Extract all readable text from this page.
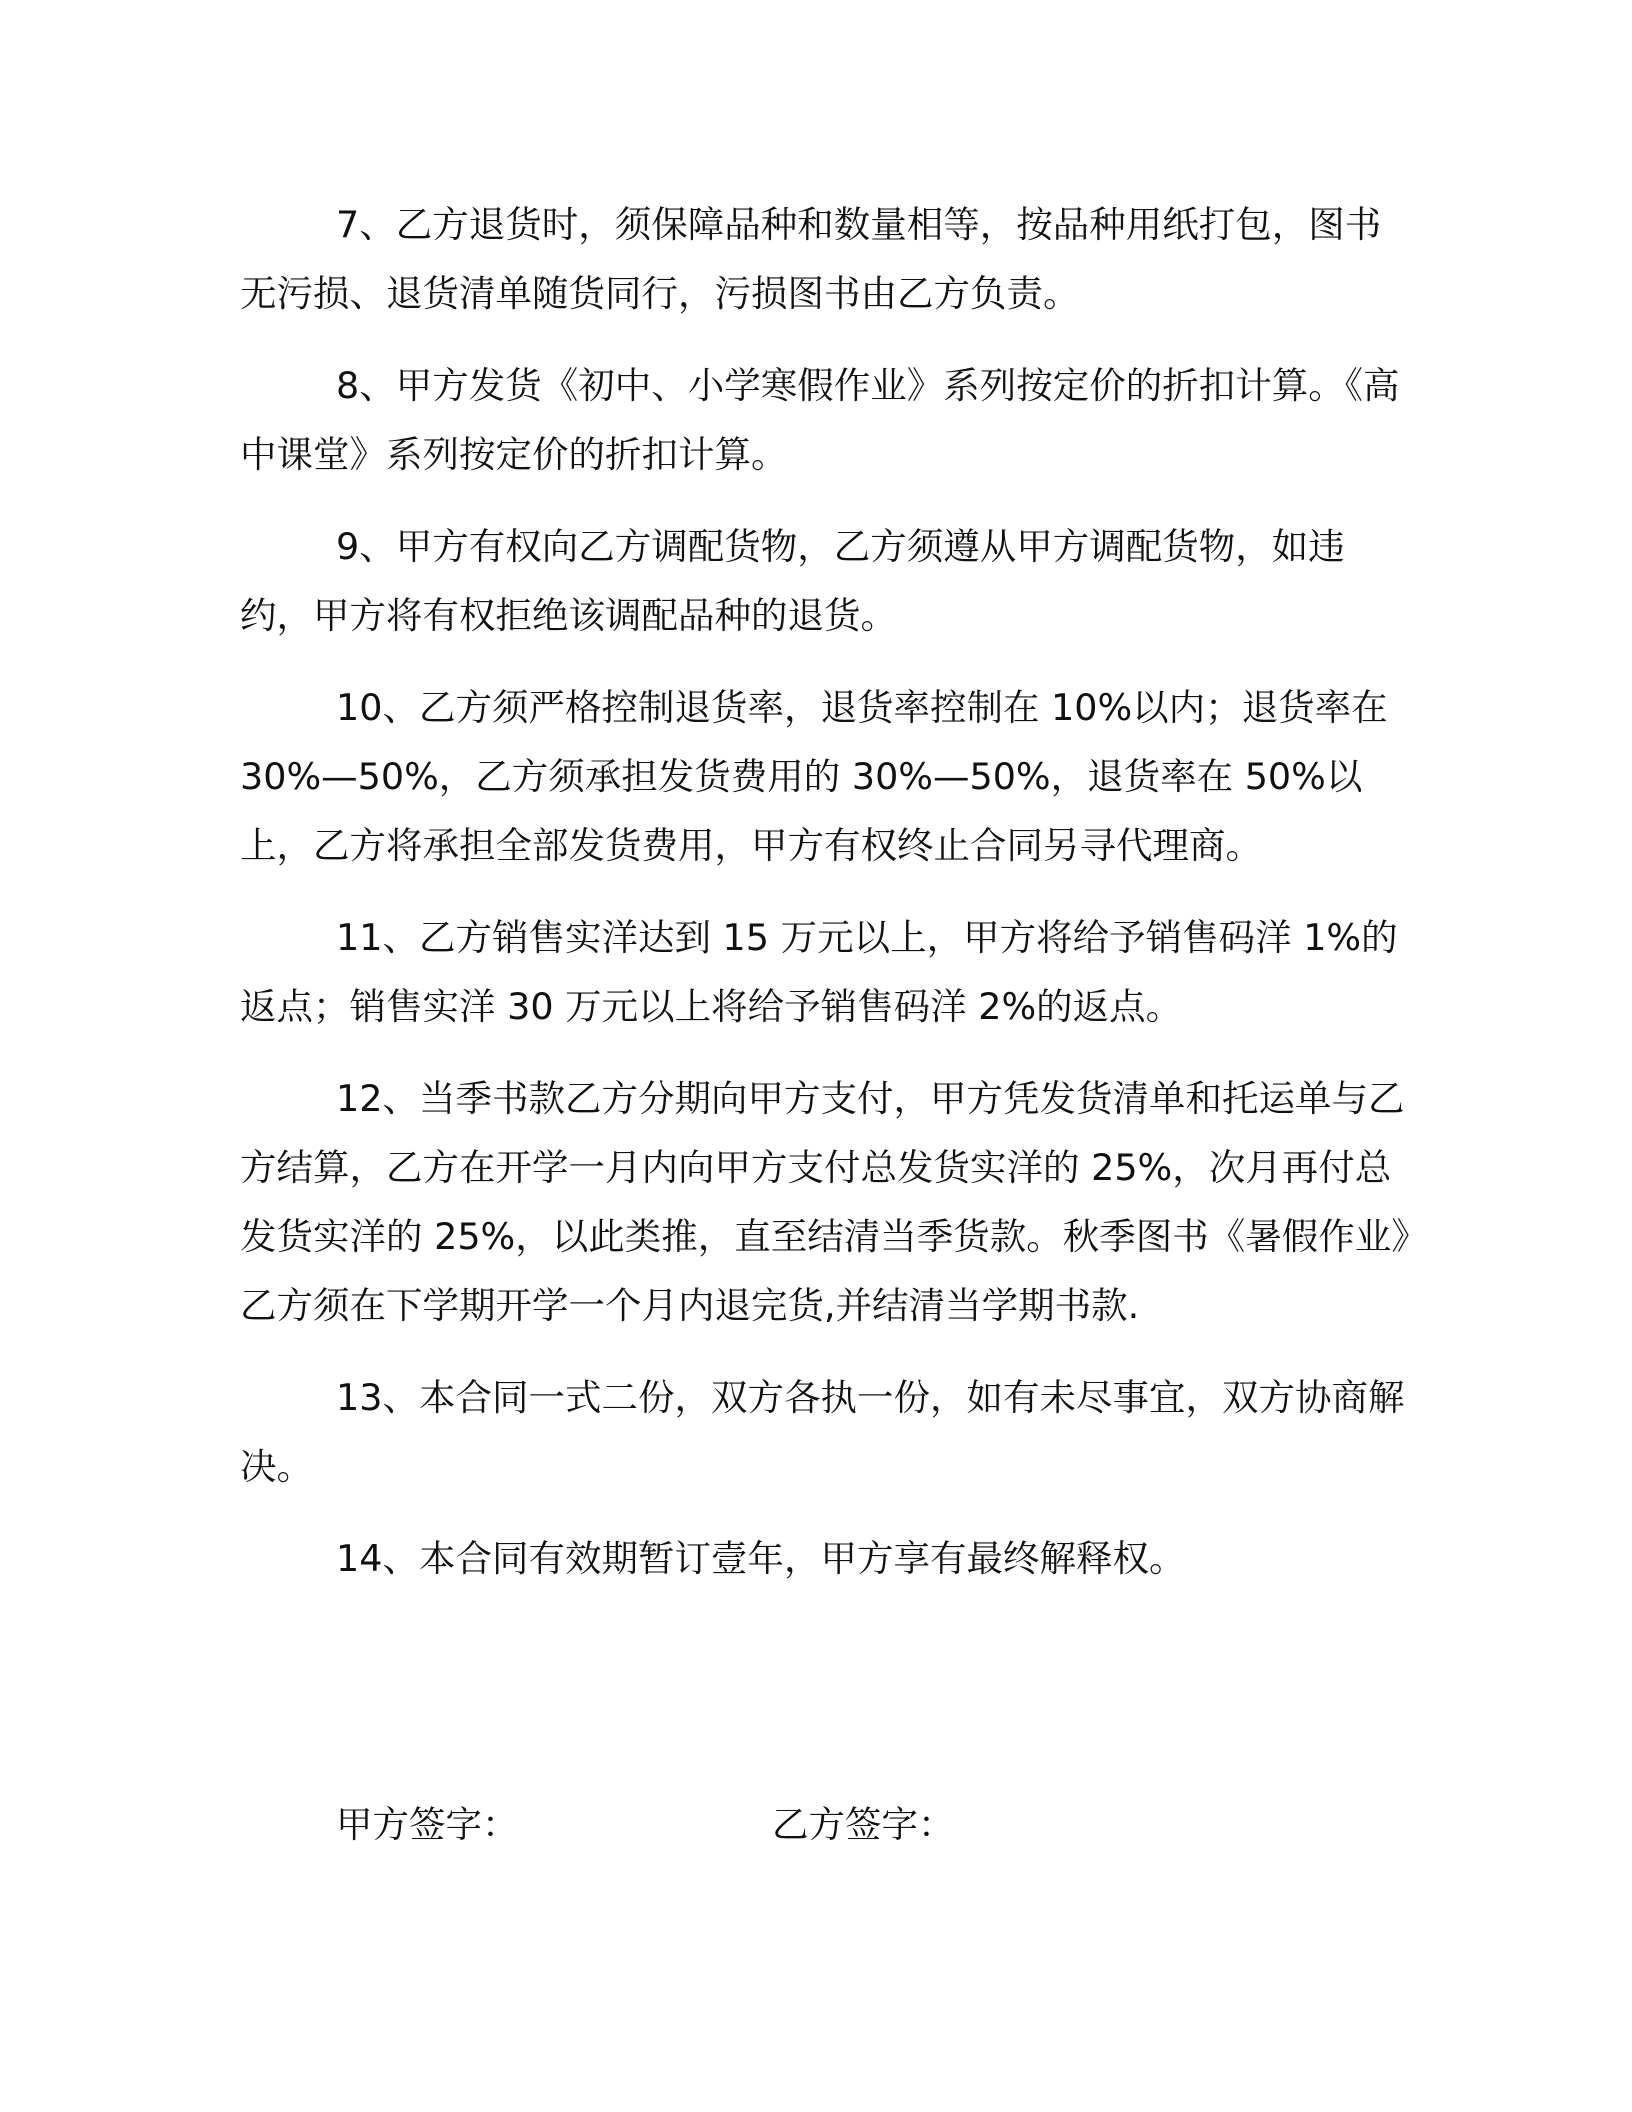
7、乙方退货时，须保障品种和数量相等，按品种用纸打包，图书无污损、退货清单随货同行，污损图书由乙方负责。

8、甲方发货《初中、小学寒假作业》系列按定价的折扣计算。《高中课堂》系列按定价的折扣计算。

9、甲方有权向乙方调配货物，乙方须遵从甲方调配货物，如违约，甲方将有权拒绝该调配品种的退货。

10、乙方须严格控制退货率，退货率控制在 10%以内；退货率在 30%—50%，乙方须承担发货费用的 30%—50%，退货率在 50%以上，乙方将承担全部发货费用，甲方有权终止合同另寻代理商。

11、乙方销售实洋达到 15 万元以上，甲方将给予销售码洋 1%的返点；销售实洋 30 万元以上将给予销售码洋 2%的返点。

12、当季书款乙方分期向甲方支付，甲方凭发货清单和托运单与乙方结算，乙方在开学一月内向甲方支付总发货实洋的 25%，次月再付总发货实洋的 25%，以此类推，直至结清当季货款。秋季图书《暑假作业》乙方须在下学期开学一个月内退完货,并结清当学期书款.

13、本合同一式二份，双方各执一份，如有未尽事宜，双方协商解决。

14、本合同有效期暂订壹年，甲方享有最终解释权。

甲方签字：	乙方签字：
